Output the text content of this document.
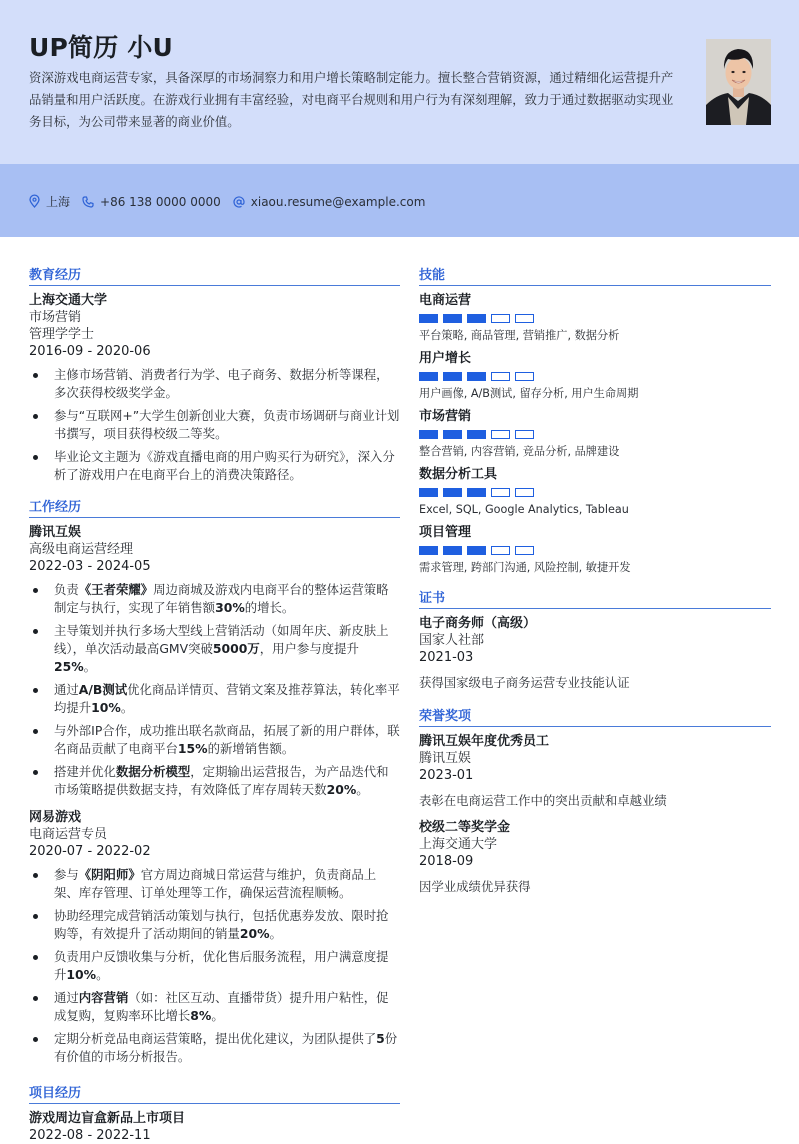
UP简历 小U
资深游戏电商运营专家，具备深厚的市场洞察力和用户增长策略制定能力。擅长整合营销资源，通过精细化运营提升产品销量和用户活跃度。在游戏行业拥有丰富经验，对电商平台规则和用户行为有深刻理解，致力于通过数据驱动实现业务目标，为公司带来显著的商业价值。
上海	+86 138 0000 0000	xiaou.resume@example.com
教育经历
上海交通大学
市场营销
管理学学士
2016-09 - 2020-06
主修市场营销、消费者行为学、电子商务、数据分析等课程，多次获得校级奖学金。
参与“互联网+”大学生创新创业大赛，负责市场调研与商业计划书撰写，项目获得校级二等奖。
毕业论文主题为《游戏直播电商的用户购买行为研究》，深入分析了游戏用户在电商平台上的消费决策路径。
工作经历
腾讯互娱
高级电商运营经理
2022-03 - 2024-05
负责《王者荣耀》周边商城及游戏内电商平台的整体运营策略制定与执行，实现了年销售额30%的增长。
主导策划并执行多场大型线上营销活动（如周年庆、新皮肤上线），单次活动最高GMV突破5000万，用户参与度提升25%。
通过A/B测试优化商品详情页、营销文案及推荐算法，转化率平均提升10%。
与外部IP合作，成功推出联名款商品，拓展了新的用户群体，联名商品贡献了电商平台15%的新增销售额。
搭建并优化数据分析模型，定期输出运营报告，为产品迭代和市场策略提供数据支持，有效降低了库存周转天数20%。
网易游戏
电商运营专员
2020-07 - 2022-02
参与《阴阳师》官方周边商城日常运营与维护，负责商品上架、库存管理、订单处理等工作，确保运营流程顺畅。
协助经理完成营销活动策划与执行，包括优惠券发放、限时抢购等，有效提升了活动期间的销量20%。
负责用户反馈收集与分析，优化售后服务流程，用户满意度提升10%。
通过内容营销（如：社区互动、直播带货）提升用户粘性，促成复购，复购率环比增长8%。
定期分析竞品电商运营策略，提出优化建议，为团队提供了5份有价值的市场分析报告。
项目经历
游戏周边盲盒新品上市项目
2022-08 - 2022-11
技能
电商运营
平台策略, 商品管理, 营销推广, 数据分析
用户增长
用户画像, A/B测试, 留存分析, 用户生命周期
市场营销
整合营销, 内容营销, 竞品分析, 品牌建设
数据分析工具
Excel, SQL, Google Analytics, Tableau
项目管理
需求管理, 跨部门沟通, 风险控制, 敏捷开发
证书
电子商务师（高级）
国家人社部
2021-03
获得国家级电子商务运营专业技能认证
荣誉奖项
腾讯互娱年度优秀员工
腾讯互娱
2023-01
表彰在电商运营工作中的突出贡献和卓越业绩
校级二等奖学金
上海交通大学
2018-09
因学业成绩优异获得
